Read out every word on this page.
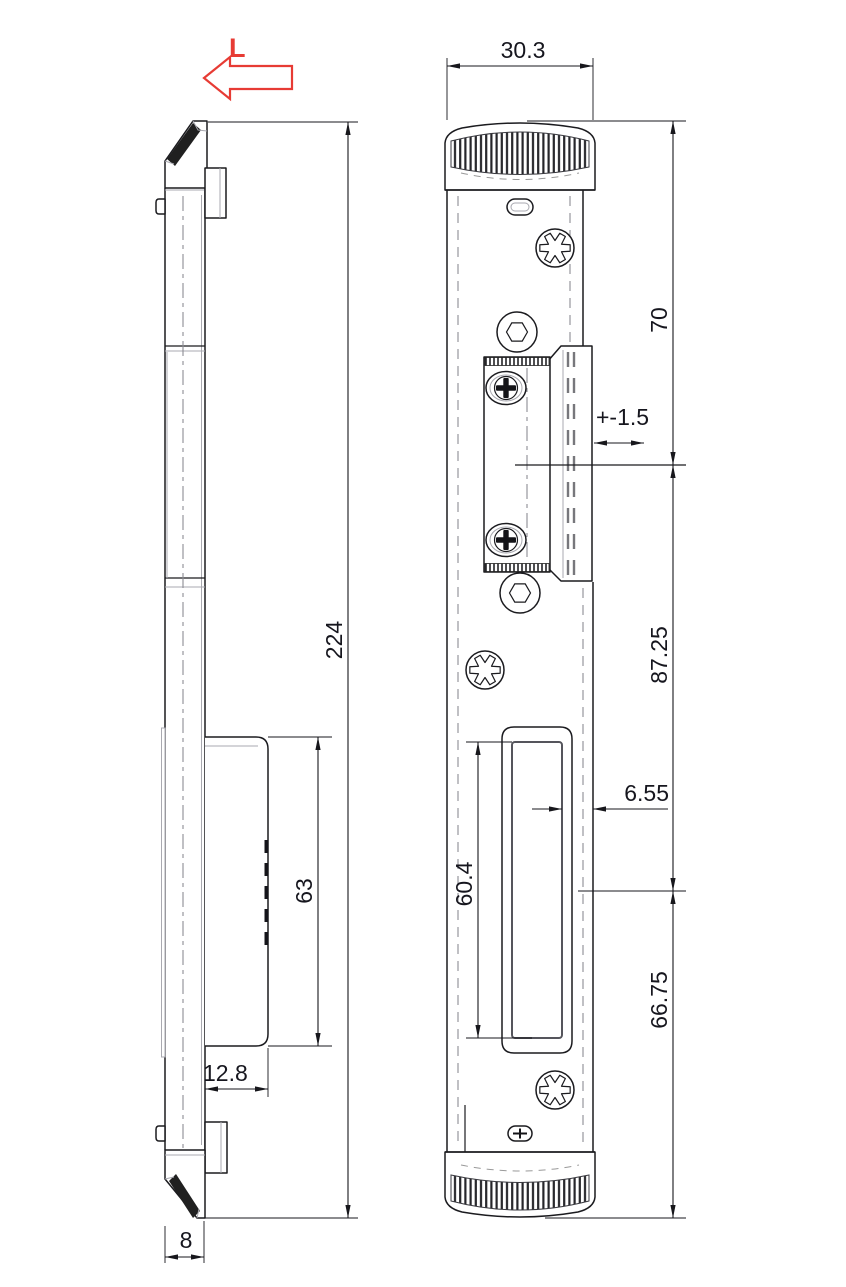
L
224
63
12.8
8
30.3
70
87.25
66.75
+-1.5
6.55
60.4
